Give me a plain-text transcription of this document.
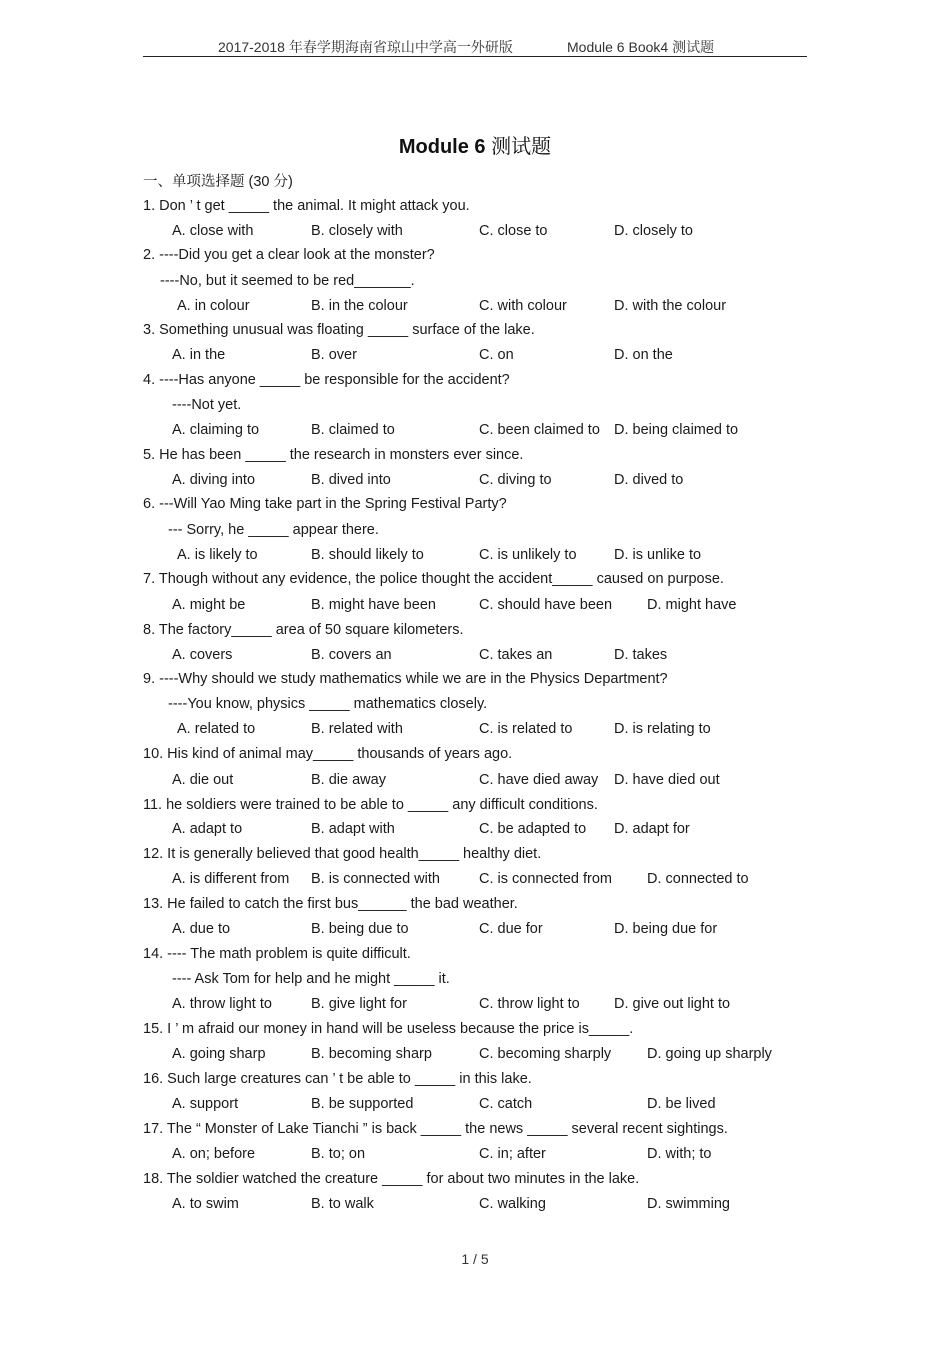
2017-2018 年春学期海南省琼山中学高一外研版	Module 6 Book4 测试题
Module 6 测试题
一、单项选择题 (30 分)
1. Don ’ t get _____ the animal. It might attack you.
A. close with	B. closely with	C. close to	D. closely to
2. ----Did you get a clear look at the monster?
----No, but it seemed to be red_______.
A. in colour	B. in the colour	C. with colour	D. with the colour
3. Something unusual was floating _____ surface of the lake.
A. in the	B. over	C. on	D. on the
4. ----Has anyone _____ be responsible for the accident?
----Not yet.
A. claiming to	B. claimed to	C. been claimed to D. being claimed to
5. He has been _____ the research in monsters ever since.
A. diving into	B. dived into	C. diving to	D. dived to
6. ---Will Yao Ming take part in the Spring Festival Party?
--- Sorry, he _____ appear there.
A. is likely to	B. should likely to	C. is unlikely to	D. is unlike to
7. Though without any evidence, the police thought the accident_____ caused on purpose.
A. might be	B. might have been	C. should have been D. might have
8. The factory_____ area of 50 square kilometers.
A. covers	B. covers an	C. takes an	D. takes
9. ----Why should we study mathematics while we are in the Physics Department?
----You know, physics _____ mathematics closely.
A. related to	B. related with	C. is related to	D. is relating to
10. His kind of animal may_____ thousands of years ago.
A. die out	B. die away	C. have died away D. have died out
11. he soldiers were trained to be able to _____ any difficult conditions.
A. adapt to	B. adapt with	C. be adapted to D. adapt for
12. It is generally believed that good health_____ healthy diet.
A. is different from B. is connected with	C. is connected from D. connected to
13. He failed to catch the first bus______ the bad weather.
A. due to	B. being due to	C. due for	D. being due for
14. ---- The math problem is quite difficult.
---- Ask Tom for help and he might _____ it.
A. throw light to	B. give light for	C. throw light to D. give out light to
15. I ’ m afraid our money in hand will be useless because the price is_____.
A. going sharp	B. becoming sharp	C. becoming sharply D. going up sharply
16. Such large creatures can ’ t be able to _____ in this lake.
A. support	B. be supported	C. catch	D. be lived
17. The “ Monster of Lake Tianchi ” is back _____ the news _____ several recent sightings.
A. on; before	B. to; on	C. in; after	D. with; to
18. The soldier watched the creature _____ for about two minutes in the lake.
A. to swim	B. to walk	C. walking	D. swimming
1 / 5
